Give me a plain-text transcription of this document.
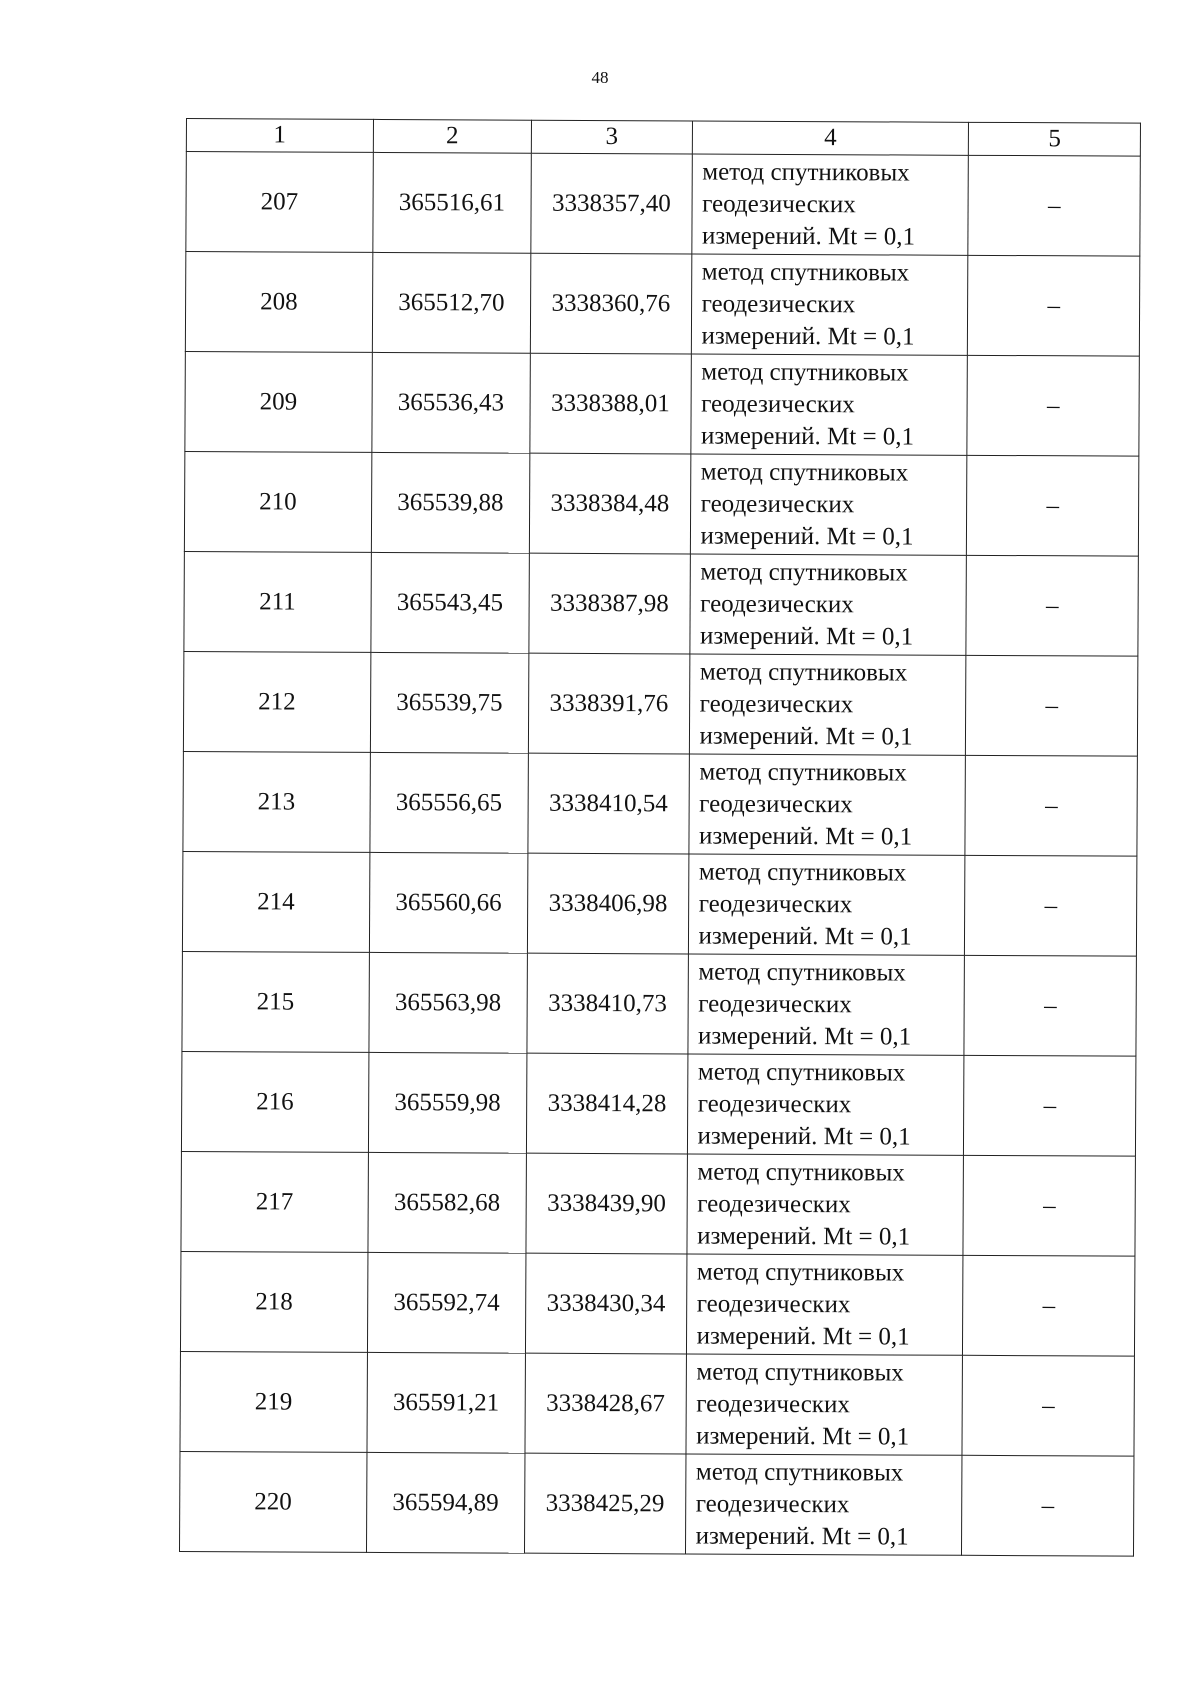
48
1	2	3	4	5
207	365516,61	3338357,40	метод спутниковых
геодезических
измерений. Mt = 0,1	–
208	365512,70	3338360,76	метод спутниковых
геодезических
измерений. Mt = 0,1	–
209	365536,43	3338388,01	метод спутниковых
геодезических
измерений. Mt = 0,1	–
210	365539,88	3338384,48	метод спутниковых
геодезических
измерений. Mt = 0,1	–
211	365543,45	3338387,98	метод спутниковых
геодезических
измерений. Mt = 0,1	–
212	365539,75	3338391,76	метод спутниковых
геодезических
измерений. Mt = 0,1	–
213	365556,65	3338410,54	метод спутниковых
геодезических
измерений. Mt = 0,1	–
214	365560,66	3338406,98	метод спутниковых
геодезических
измерений. Mt = 0,1	–
215	365563,98	3338410,73	метод спутниковых
геодезических
измерений. Mt = 0,1	–
216	365559,98	3338414,28	метод спутниковых
геодезических
измерений. Mt = 0,1	–
217	365582,68	3338439,90	метод спутниковых
геодезических
измерений. Mt = 0,1	–
218	365592,74	3338430,34	метод спутниковых
геодезических
измерений. Mt = 0,1	–
219	365591,21	3338428,67	метод спутниковых
геодезических
измерений. Mt = 0,1	–
220	365594,89	3338425,29	метод спутниковых
геодезических
измерений. Mt = 0,1	–
